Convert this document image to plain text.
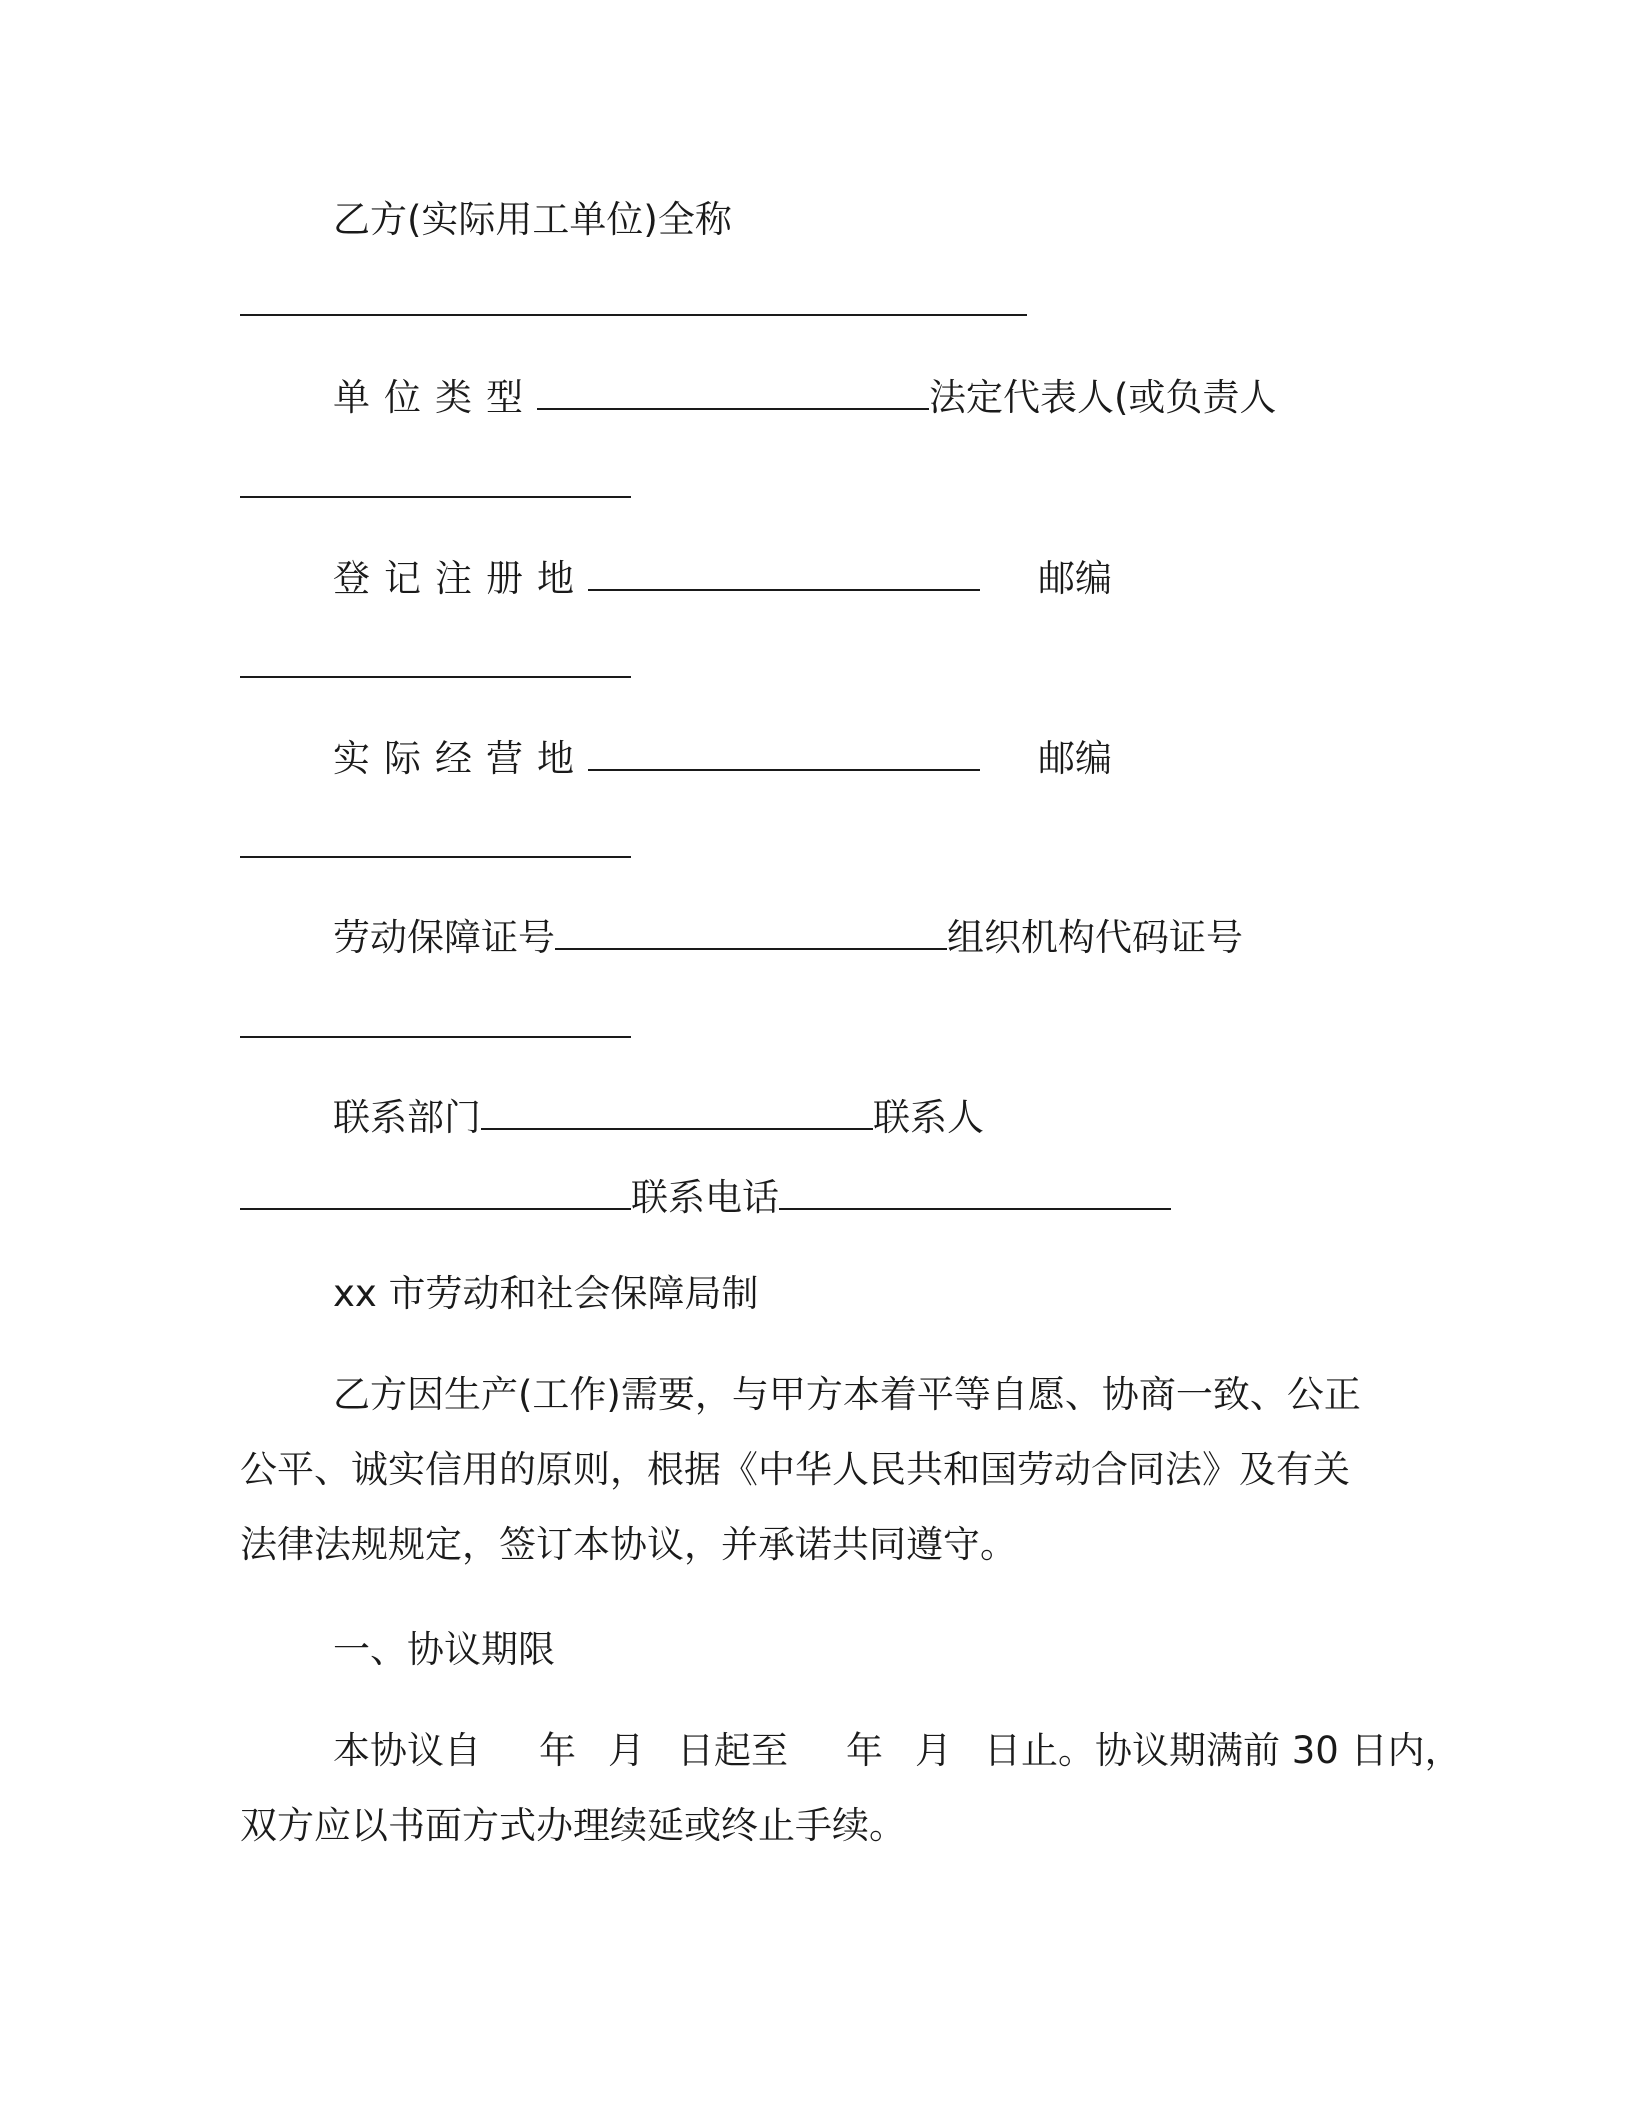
乙方(实际用工单位)全称
单位类型	法定代表人(或负责人
登记注册地	邮编
实际经营地	邮编
劳动保障证号	组织机构代码证号
联系部门	联系人
联系电话
xx 市劳动和社会保障局制
乙方因生产(工作)需要，与甲方本着平等自愿、协商一致、公正
公平、诚实信用的原则，根据《中华人民共和国劳动合同法》及有关
法律法规规定，签订本协议，并承诺共同遵守。
一、协议期限
本协议自 年 月 日起至 年 月 日止。协议期满前 30 日内，
双方应以书面方式办理续延或终止手续。
